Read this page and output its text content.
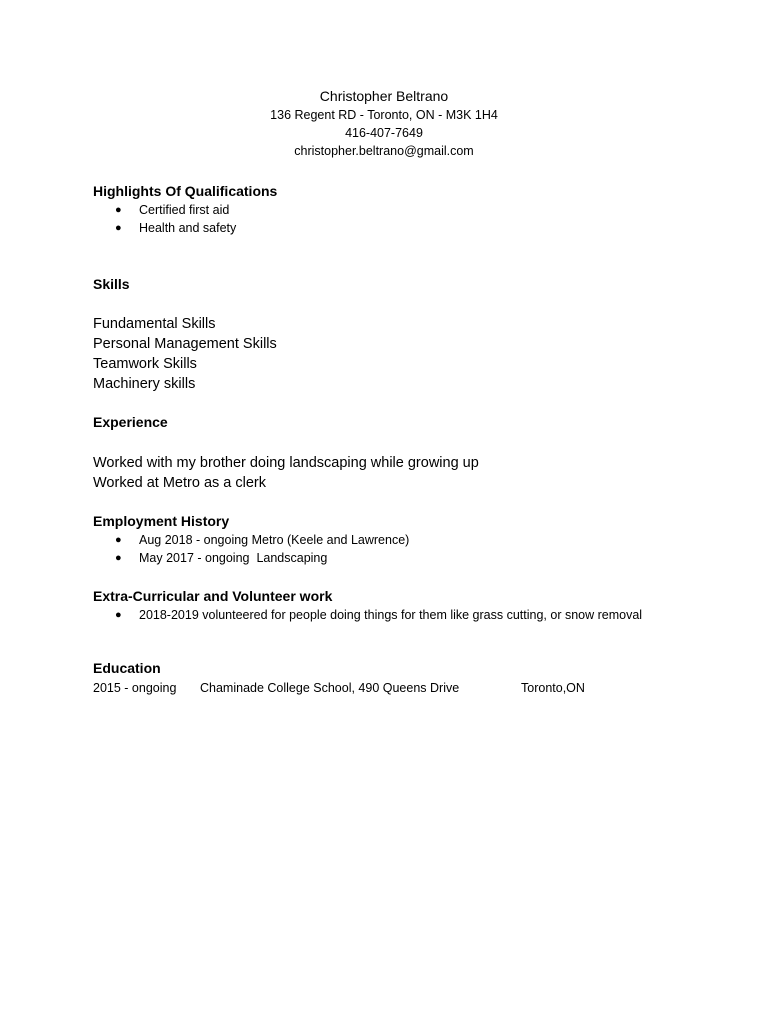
Christopher Beltrano
136 Regent RD - Toronto, ON - M3K 1H4
416-407-7649
christopher.beltrano@gmail.com
Highlights Of Qualifications
● Certified first aid
● Health and safety
Skills
Fundamental Skills
Personal Management Skills
Teamwork Skills
Machinery skills
Experience
Worked with my brother doing landscaping while growing up
Worked at Metro as a clerk
Employment History
● Aug 2018 - ongoing Metro (Keele and Lawrence)
● May 2017 - ongoing  Landscaping
Extra-Curricular and Volunteer work
● 2018-2019 volunteered for people doing things for them like grass cutting, or snow removal
Education
2015 - ongoing Chaminade College School, 490 Queens Drive	Toronto,ON
